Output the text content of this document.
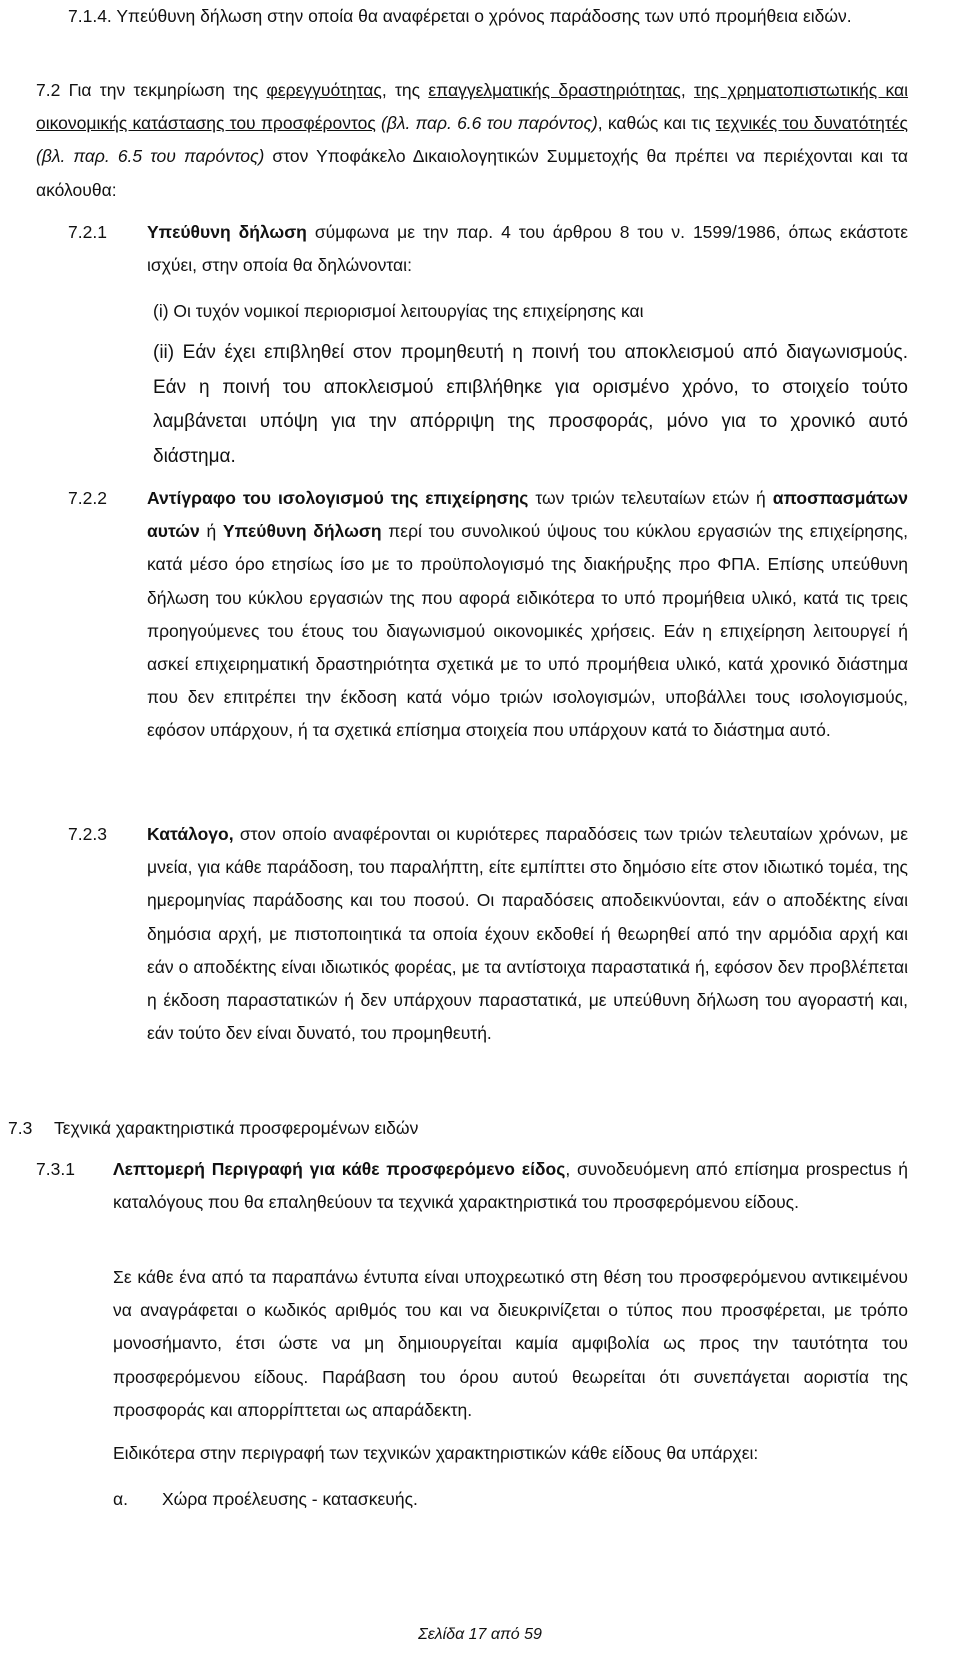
7.1.4. Υπεύθυνη δήλωση στην οποία θα αναφέρεται ο χρόνος παράδοσης των υπό προμήθεια ειδών.

7.2 Για την τεκμηρίωση της φερεγγυότητας, της επαγγελματικής δραστηριότητας, της χρηματοπιστωτικής και οικονομικής κατάστασης του προσφέροντος (βλ. παρ. 6.6 του παρόντος), καθώς και τις τεχνικές του δυνατότητές (βλ. παρ. 6.5 του παρόντος) στον Υποφάκελο Δικαιολογητικών Συμμετοχής θα πρέπει να περιέχονται και τα ακόλουθα:

7.2.1 Υπεύθυνη δήλωση σύμφωνα με την παρ. 4 του άρθρου 8 του ν. 1599/1986, όπως εκάστοτε ισχύει, στην οποία θα δηλώνονται:

(i) Οι τυχόν νομικοί περιορισμοί λειτουργίας της επιχείρησης και

(ii) Εάν έχει επιβληθεί στον προμηθευτή η ποινή του αποκλεισμού από διαγωνισμούς. Εάν η ποινή του αποκλεισμού επιβλήθηκε για ορισμένο χρόνο, το στοιχείο τούτο λαμβάνεται υπόψη για την απόρριψη της προσφοράς, μόνο για το χρονικό αυτό διάστημα.

7.2.2 Αντίγραφο του ισολογισμού της επιχείρησης των τριών τελευταίων ετών ή αποσπασμάτων αυτών ή Υπεύθυνη δήλωση περί του συνολικού ύψους του κύκλου εργασιών της επιχείρησης, κατά μέσο όρο ετησίως ίσο με το προϋπολογισμό της διακήρυξης προ ΦΠΑ. Επίσης υπεύθυνη δήλωση του κύκλου εργασιών της που αφορά ειδικότερα το υπό προμήθεια υλικό, κατά τις τρεις προηγούμενες του έτους του διαγωνισμού οικονομικές χρήσεις. Εάν η επιχείρηση λειτουργεί ή ασκεί επιχειρηματική δραστηριότητα σχετικά με το υπό προμήθεια υλικό, κατά χρονικό διάστημα που δεν επιτρέπει την έκδοση κατά νόμο τριών ισολογισμών, υποβάλλει τους ισολογισμούς, εφόσον υπάρχουν, ή τα σχετικά επίσημα στοιχεία που υπάρχουν κατά το διάστημα αυτό.

7.2.3 Κατάλογο, στον οποίο αναφέρονται οι κυριότερες παραδόσεις των τριών τελευταίων χρόνων, με μνεία, για κάθε παράδοση, του παραλήπτη, είτε εμπίπτει στο δημόσιο είτε στον ιδιωτικό τομέα, της ημερομηνίας παράδοσης και του ποσού. Οι παραδόσεις αποδεικνύονται, εάν ο αποδέκτης είναι δημόσια αρχή, με πιστοποιητικά τα οποία έχουν εκδοθεί ή θεωρηθεί από την αρμόδια αρχή και εάν ο αποδέκτης είναι ιδιωτικός φορέας, με τα αντίστοιχα παραστατικά ή, εφόσον δεν προβλέπεται η έκδοση παραστατικών ή δεν υπάρχουν παραστατικά, με υπεύθυνη δήλωση του αγοραστή και, εάν τούτο δεν είναι δυνατό, του προμηθευτή.

7.3 Τεχνικά χαρακτηριστικά προσφερομένων ειδών

7.3.1 Λεπτομερή Περιγραφή για κάθε προσφερόμενο είδος, συνοδευόμενη από επίσημα prospectus ή καταλόγους που θα επαληθεύουν τα τεχνικά χαρακτηριστικά του προσφερόμενου είδους.

Σε κάθε ένα από τα παραπάνω έντυπα είναι υποχρεωτικό στη θέση του προσφερόμενου αντικειμένου να αναγράφεται ο κωδικός αριθμός του και να διευκρινίζεται ο τύπος που προσφέρεται, με τρόπο μονοσήμαντο, έτσι ώστε να μη δημιουργείται καμία αμφιβολία ως προς την ταυτότητα του προσφερόμενου είδους. Παράβαση του όρου αυτού θεωρείται ότι συνεπάγεται αοριστία της προσφοράς και απορρίπτεται ως απαράδεκτη.

Ειδικότερα στην περιγραφή των τεχνικών χαρακτηριστικών κάθε είδους θα υπάρχει:

α. Χώρα προέλευσης - κατασκευής.

Σελίδα 17 από 59
